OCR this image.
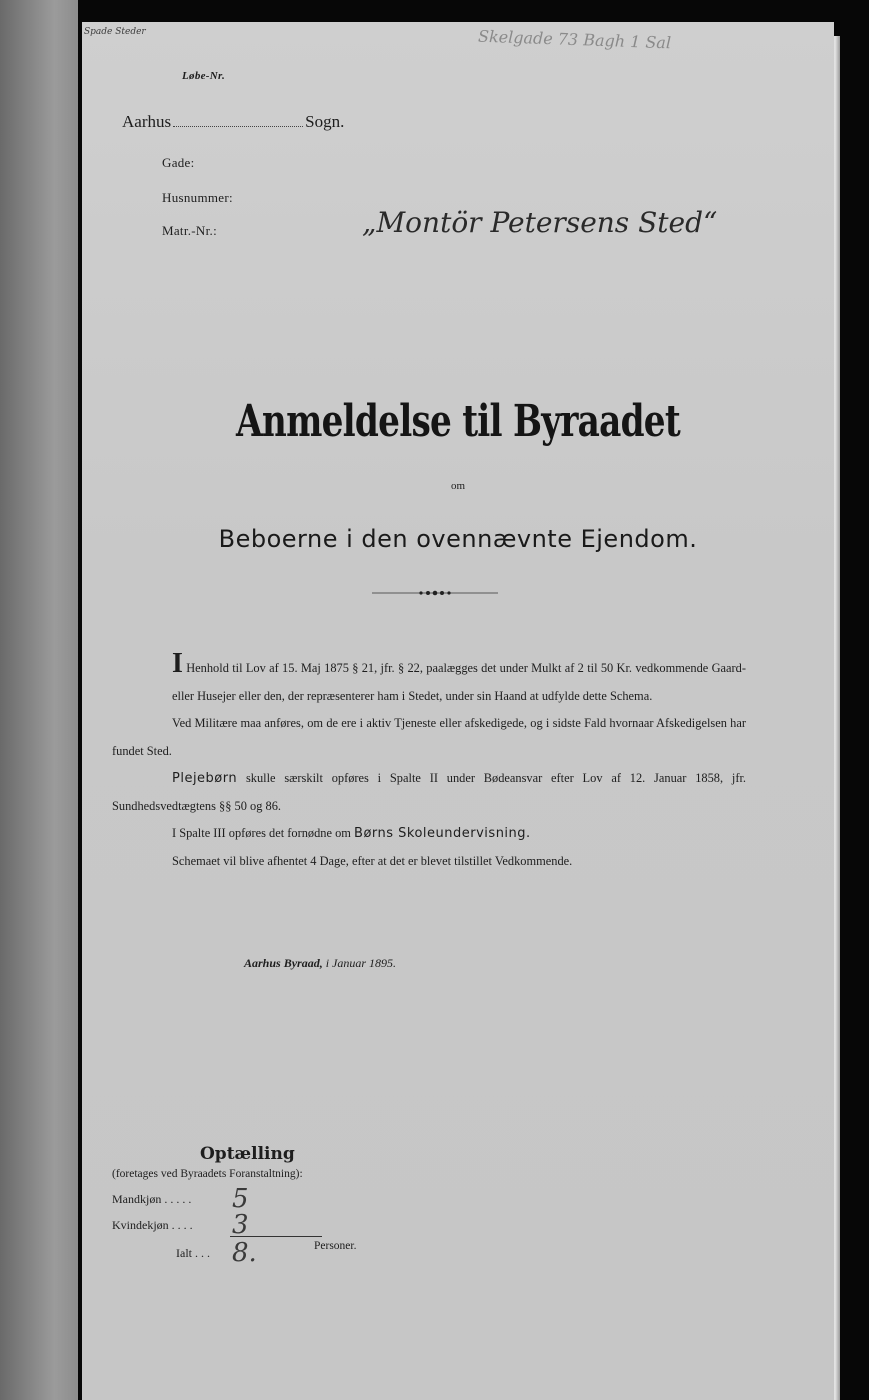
Spade Steder	Skelgade 73 Bagh 1 Sal
Løbe-Nr.
Aarhus	Sogn.
Gade:
Husnummer:
Matr.-Nr.:	„Montör Petersens Sted“
Anmeldelse til Byraadet
om
Beboerne i den ovennævnte Ejendom.

I Henhold til Lov af 15. Maj 1875 § 21, jfr. § 22, paalægges det under Mulkt af 2 til 50 Kr. vedkommende Gaard- eller Husejer eller den, der repræsenterer ham i Stedet, under sin Haand at udfylde dette Schema.

Ved Militære maa anføres, om de ere i aktiv Tjeneste eller afskedigede, og i sidste Fald hvornaar Afskedigelsen har fundet Sted.

Plejebørn skulle særskilt opføres i Spalte II under Bødeansvar efter Lov af 12. Januar 1858, jfr. Sundhedsvedtægtens §§ 50 og 86.

I Spalte III opføres det fornødne om Børns Skoleundervisning.

Schemaet vil blive afhentet 4 Dage, efter at det er blevet tilstillet Vedkommende.

Aarhus Byraad, i Januar 1895.
Optælling
(foretages ved Byraadets Foranstaltning):
Mandkjøn . . . . . 5
Kvindekjøn . . . . 3
Ialt . . . 8.	Personer.
